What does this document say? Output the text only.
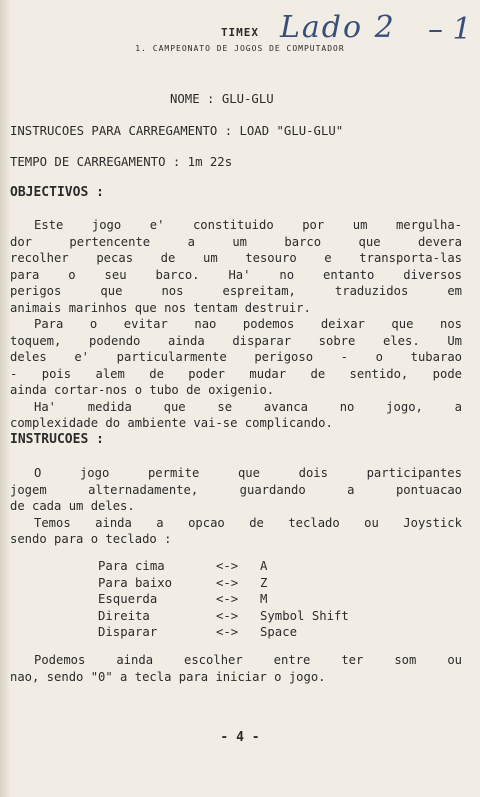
TIMEX Lado 2 – 1
1. CAMPEONATO DE JOGOS DE COMPUTADOR
NOME : GLU-GLU
INSTRUCOES PARA CARREGAMENTO : LOAD "GLU-GLU"
TEMPO DE CARREGAMENTO : 1m 22s
OBJECTIVOS :

Este jogo e' constituido por um mergulha-

dor pertencente a um barco que devera

recolher pecas de um tesouro e transporta-las

para o seu barco. Ha' no entanto diversos

perigos que nos espreitam, traduzidos em

animais marinhos que nos tentam destruir.

Para o evitar nao podemos deixar que nos

toquem, podendo ainda disparar sobre eles. Um

deles e' particularmente perigoso - o tubarao

- pois alem de poder mudar de sentido, pode

ainda cortar-nos o tubo de oxigenio.

Ha' medida que se avanca no jogo, a

complexidade do ambiente vai-se complicando.

INSTRUCOES :

O jogo permite que dois participantes

jogem alternadamente, guardando a pontuacao

de cada um deles.

Temos ainda a opcao de teclado ou Joystick

sendo para o teclado :

Para cima	<->	A
Para baixo	<->	Z
Esquerda	<->	M
Direita	<->	Symbol Shift
Disparar	<->	Space

Podemos ainda escolher entre ter som ou

nao, sendo "0" a tecla para iniciar o jogo.

- 4 -
